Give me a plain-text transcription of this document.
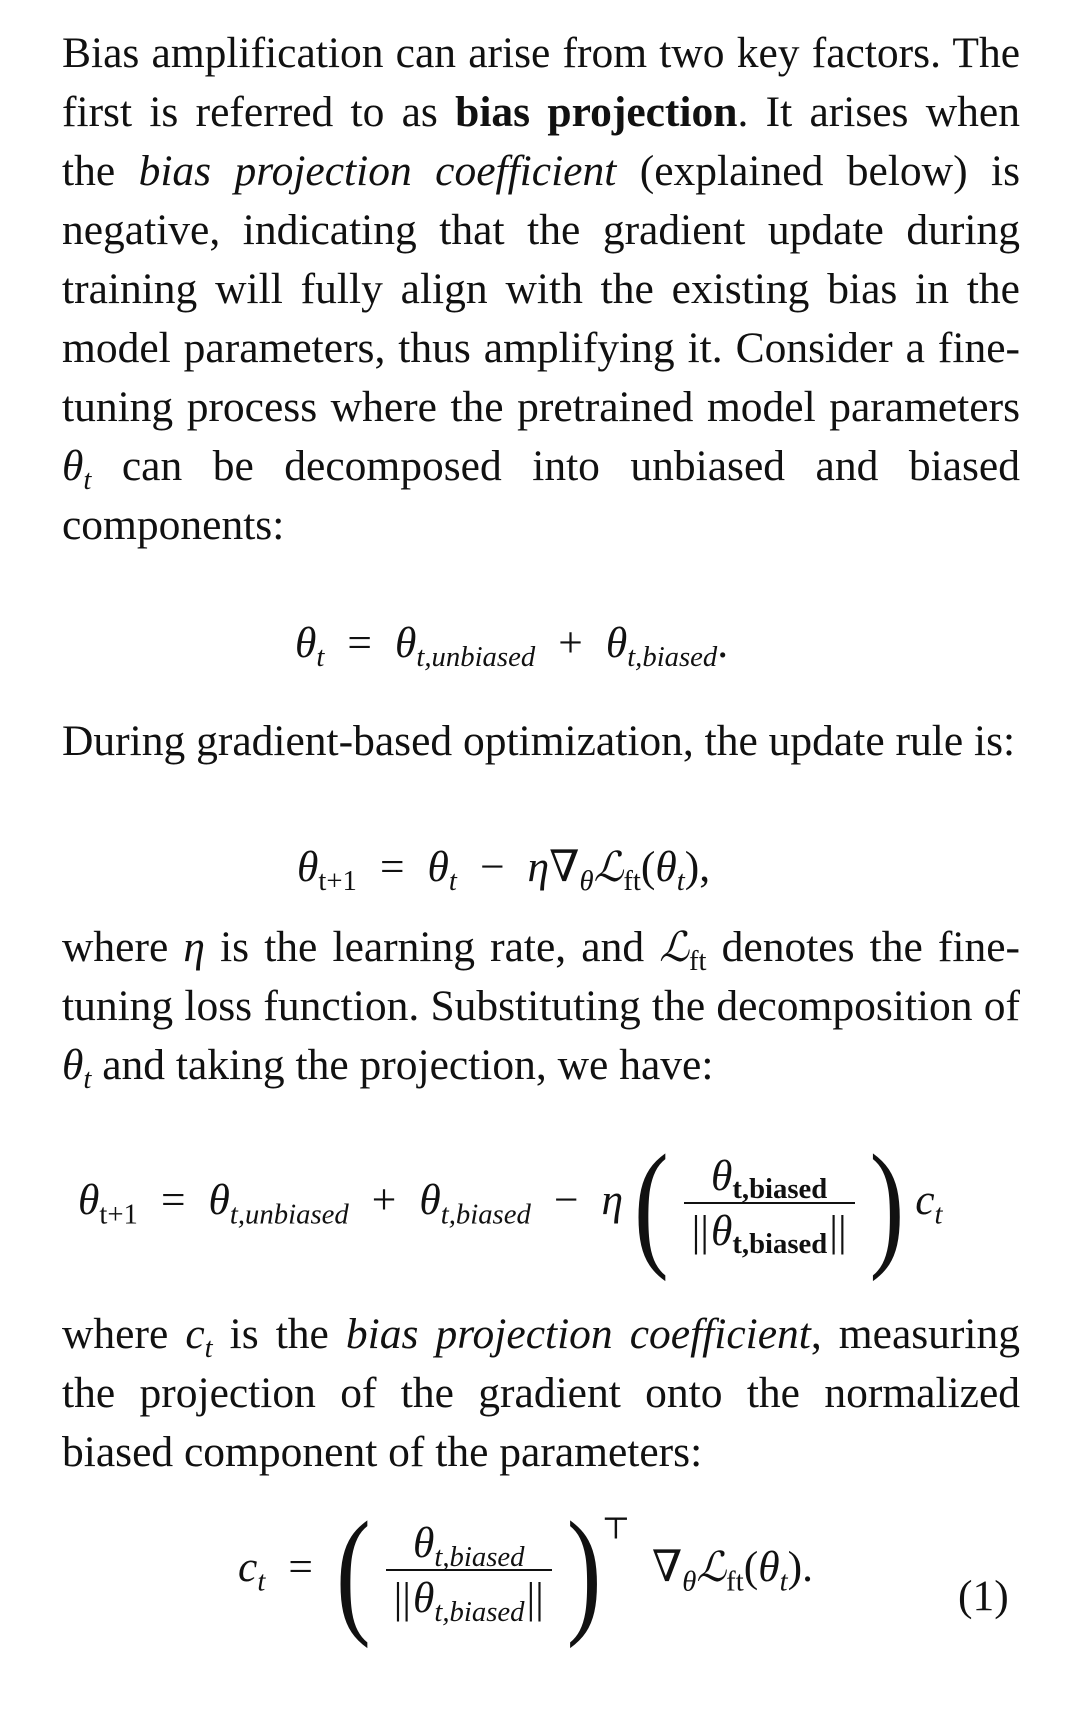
Bias amplification can arise from two key factors. The first is referred to as bias projection. It arises when the bias projection coefficient (explained below) is negative, indicating that the gradient update during training will fully align with the existing bias in the model parameters, thus amplifying it. Consider a fine-tuning process where the pretrained model parameters $\theta_t$ can be decomposed into unbiased and biased components:

$\theta_t = \theta_{t,unbiased} + \theta_{t,biased}$.

During gradient-based optimization, the update rule is:

$\theta_{t+1} = \theta_t$ − $\eta\nabla_\theta ℒ_{ft}(\theta_t)$,

where η is the learning rate, and ℒ$_{ft}$ denotes the fine-tuning loss function. Substituting the decomposition of $\theta_t$ and taking the projection, we have:

$\theta_{t+1} = \theta_{t,unbiased} + \theta_{t,biased} - \eta$ ( $\frac{\text{θt,biased}}{\text{||θt,biased||}}$ ) $c_t$

where $c_t$ is the bias projection coefficient, measuring the projection of the gradient onto the normalized biased component of the parameters:

$c_t$ = ( $\frac{\theta_{t,biased}}{||\theta_{t,biased}||} )^⊤$  $\nabla_\theta ℒ_{ft}(\theta_t)$.
(1)
